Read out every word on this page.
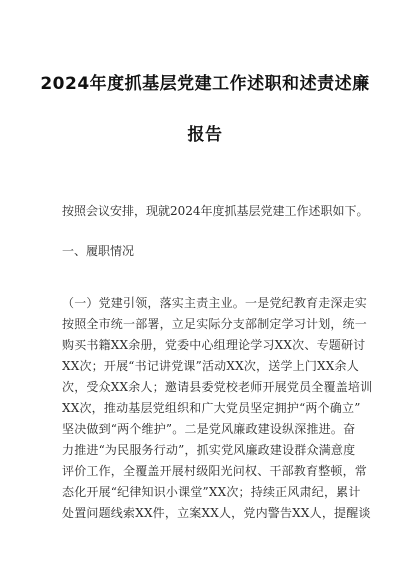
2024年度抓基层党建工作述职和述责述廉
报告
按照会议安排，现就2024年度抓基层党建工作述职如下。
一、履职情况
（一）党建引领，落实主责主业。一是党纪教育走深走实
按照全市统一部署，立足实际分支部制定学习计划，统一
购买书籍XX余册，党委中心组理论学习XX次、专题研讨
XX次；开展“书记讲党课”活动XX次，送学上门XX余人
次，受众XX余人；邀请县委党校老师开展党员全覆盖培训
XX次，推动基层党组织和广大党员坚定拥护“两个确立”
坚决做到“两个维护”。二是党风廉政建设纵深推进。奋
力推进“为民服务行动”，抓实党风廉政建设群众满意度
评价工作，全覆盖开展村级阳光问权、干部教育整顿，常
态化开展“纪律知识小课堂”XX次；持续正风肃纪，累计
处置问题线索XX件，立案XX人，党内警告XX人，提醒谈
